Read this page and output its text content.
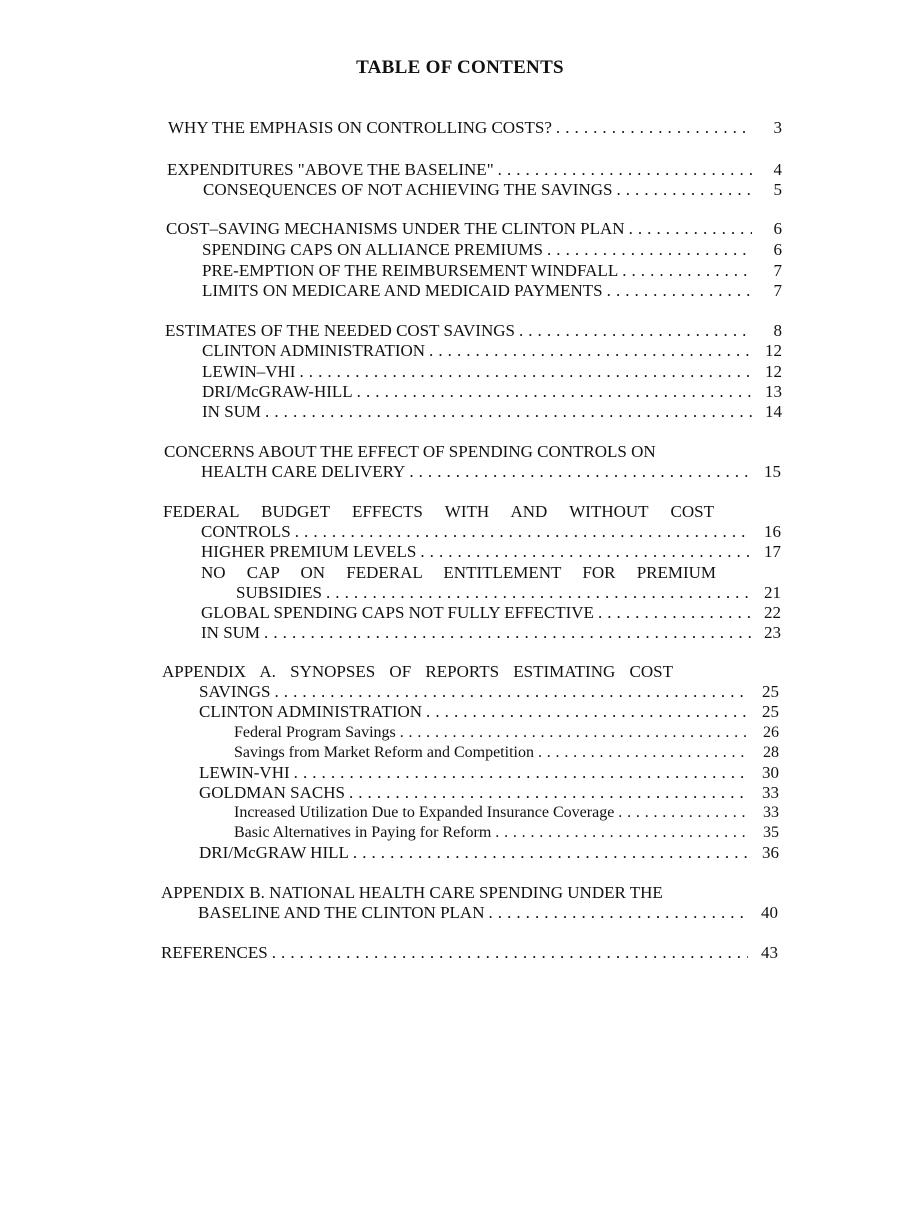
TABLE OF CONTENTS
WHY THE EMPHASIS ON CONTROLLING COSTS? . . .	3
EXPENDITURES "ABOVE THE BASELINE" . . .	4
CONSEQUENCES OF NOT ACHIEVING THE SAVINGS . . .	5
COST–SAVING MECHANISMS UNDER THE CLINTON PLAN . . .	6
SPENDING CAPS ON ALLIANCE PREMIUMS . . .	6
PRE-EMPTION OF THE REIMBURSEMENT WINDFALL . . .	7
LIMITS ON MEDICARE AND MEDICAID PAYMENTS . . .	7
ESTIMATES OF THE NEEDED COST SAVINGS . . .	8
CLINTON ADMINISTRATION . . .	12
LEWIN–VHI . . .	12
DRI/McGRAW-HILL . . .	13
IN SUM . . .	14
CONCERNS ABOUT THE EFFECT OF SPENDING CONTROLS ON
HEALTH CARE DELIVERY . . .	15
FEDERAL BUDGET EFFECTS WITH AND WITHOUT COST
CONTROLS . . .	16
HIGHER PREMIUM LEVELS . . .	17
NO CAP ON FEDERAL ENTITLEMENT FOR PREMIUM
SUBSIDIES . . .	21
GLOBAL SPENDING CAPS NOT FULLY EFFECTIVE . . .	22
IN SUM . . .	23
APPENDIX A. SYNOPSES OF REPORTS ESTIMATING COST
SAVINGS . . .	25
CLINTON ADMINISTRATION . . .	25
Federal Program Savings . . .	26
Savings from Market Reform and Competition . . .	28
LEWIN-VHI . . .	30
GOLDMAN SACHS . . .	33
Increased Utilization Due to Expanded Insurance Coverage . . .	33
Basic Alternatives in Paying for Reform . . .	35
DRI/McGRAW HILL . . .	36
APPENDIX B. NATIONAL HEALTH CARE SPENDING UNDER THE
BASELINE AND THE CLINTON PLAN . . .	40
REFERENCES . . .	43
